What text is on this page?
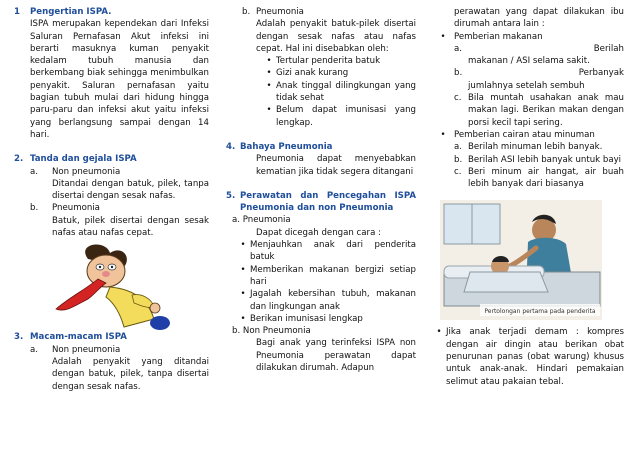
1	Pengertian ISPA.
ISPA merupakan kependekan dari Infeksi Saluran Pernafasan Akut infeksi ini berarti masuknya kuman penyakit kedalam tubuh manusia dan berkembang biak sehingga menimbulkan penyakit. Saluran pernafasan yaitu bagian tubuh mulai dari hidung hingga paru-paru dan infeksi akut yaitu infeksi yang berlangsung sampai dengan 14 hari.
2. Tanda dan gejala ISPA
a.	Non pneumonia
Ditandai dengan batuk, pilek, tanpa disertai dengan sesak nafas.
b.	Pneumonia
Batuk, pilek disertai dengan sesak nafas atau nafas cepat.
3. Macam-macam ISPA
a.	Non pneumonia
Adalah penyakit yang ditandai dengan batuk, pilek, tanpa disertai dengan sesak nafas.
b. Pneumonia
Adalah penyakit batuk-pilek disertai dengan sesak nafas atau nafas cepat. Hal ini disebabkan oleh:
• Tertular penderita batuk
• Gizi anak kurang
• Anak tinggal dilingkungan yang tidak sehat
• Belum dapat imunisasi yang lengkap.
4. Bahaya Pneumonia
Pneumonia dapat menyebabkan kematian jika tidak segera ditangani
5. Perawatan dan Pencegahan ISPA Pneumonia dan non Pneumonia
a. Pneumonia
Dapat dicegah dengan cara :
• Menjauhkan anak dari penderita batuk
• Memberikan makanan bergizi setiap hari
• Jagalah kebersihan tubuh, makanan dan lingkungan anak
• Berikan imunisasi lengkap
b. Non Pneumonia
Bagi anak yang terinfeksi ISPA non Pneumonia perawatan dapat dilakukan dirumah. Adapun
perawatan yang dapat dilakukan ibu dirumah antara lain :
• Pemberian makanan
a.	Berilah
makanan / ASI selama sakit.
b.	Perbanyak
jumlahnya setelah sembuh
c. Bila muntah usahakan anak mau makan lagi. Berikan makan dengan porsi kecil tapi sering.
• Pemberian cairan atau minuman
a. Berilah minuman lebih banyak.
b. Berilah ASI lebih banyak untuk bayi
c. Beri minum air hangat, air buah lebih banyak dari biasanya
Pertolongan pertama pada penderita
• Jika anak terjadi demam : kompres dengan air dingin atau berikan obat penurunan panas (obat warung) khusus untuk anak-anak. Hindari pemakaian selimut atau pakaian tebal.
